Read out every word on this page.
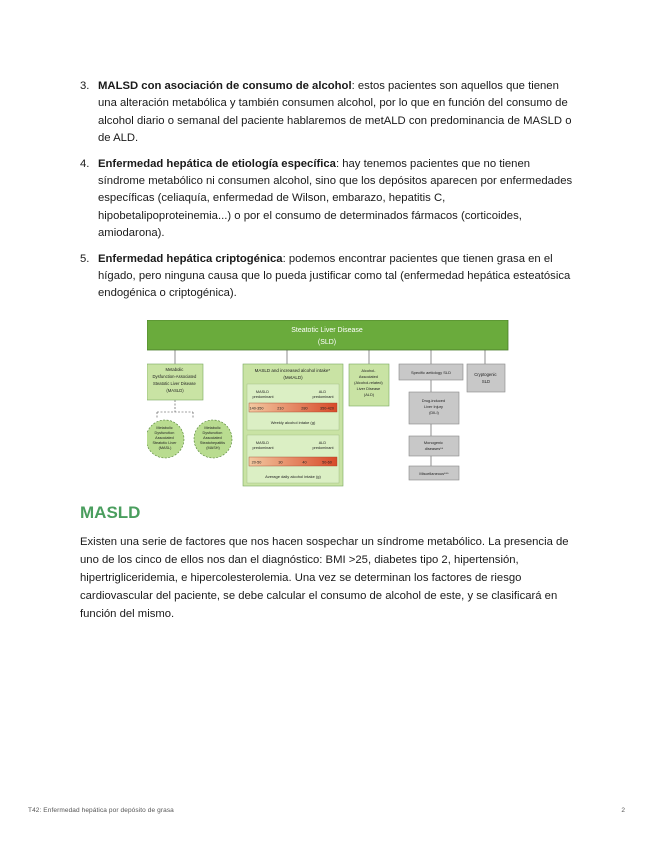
3. MALSD con asociación de consumo de alcohol: estos pacientes son aquellos que tienen una alteración metabólica y también consumen alcohol, por lo que en función del consumo de alcohol diario o semanal del paciente hablaremos de metALD con predominancia de MASLD o de ALD.
4. Enfermedad hepática de etiología específica: hay tenemos pacientes que no tienen síndrome metabólico ni consumen alcohol, sino que los depósitos aparecen por enfermedades específicas (celiaquía, enfermedad de Wilson, embarazo, hepatitis C, hipobetalipoproteinemia...) o por el consumo de determinados fármacos (corticoides, amiodarona).
5. Enfermedad hepática criptogénica: podemos encontrar pacientes que tienen grasa en el hígado, pero ninguna causa que lo pueda justificar como tal (enfermedad hepática esteatósica endogénica o criptogénica).
Steatotic Liver Disease
(SLD)
Metabolic Dysfunction-Associated Steatotic Liver Disease (MASLD)
Metabolic Dysfunction Associated Steatotic Liver (MASL)
Metabolic Dysfunction Associated Steatohepatitis (MASH)
MASLD and increased alcohol intake* (MetALD)
MASLD predominant
ALD predominant
140-350	210	280	350-420
Weekly alcohol intake (g)
MASLD predominant
ALD predominant
20-50	30	40	50-60
Average daily alcohol intake (g)
Alcohol- Associated (Alcohol-related) Liver Disease (ALD)
Specific aetiology SLD	Cryptogenic SLD
Drug-induced Liver Injury (DILI)
Monogenic diseases**
Miscellaneous***
MASLD

Existen una serie de factores que nos hacen sospechar un síndrome metabólico. La presencia de uno de los cinco de ellos nos dan el diagnóstico: BMI >25, diabetes tipo 2, hipertensión, hipertrigliceridemia, e hipercolesterolemia. Una vez se determinan los factores de riesgo cardiovascular del paciente, se debe calcular el consumo de alcohol de este, y se clasificará en función del mismo.

T42: Enfermedad hepática por depósito de grasa	2
